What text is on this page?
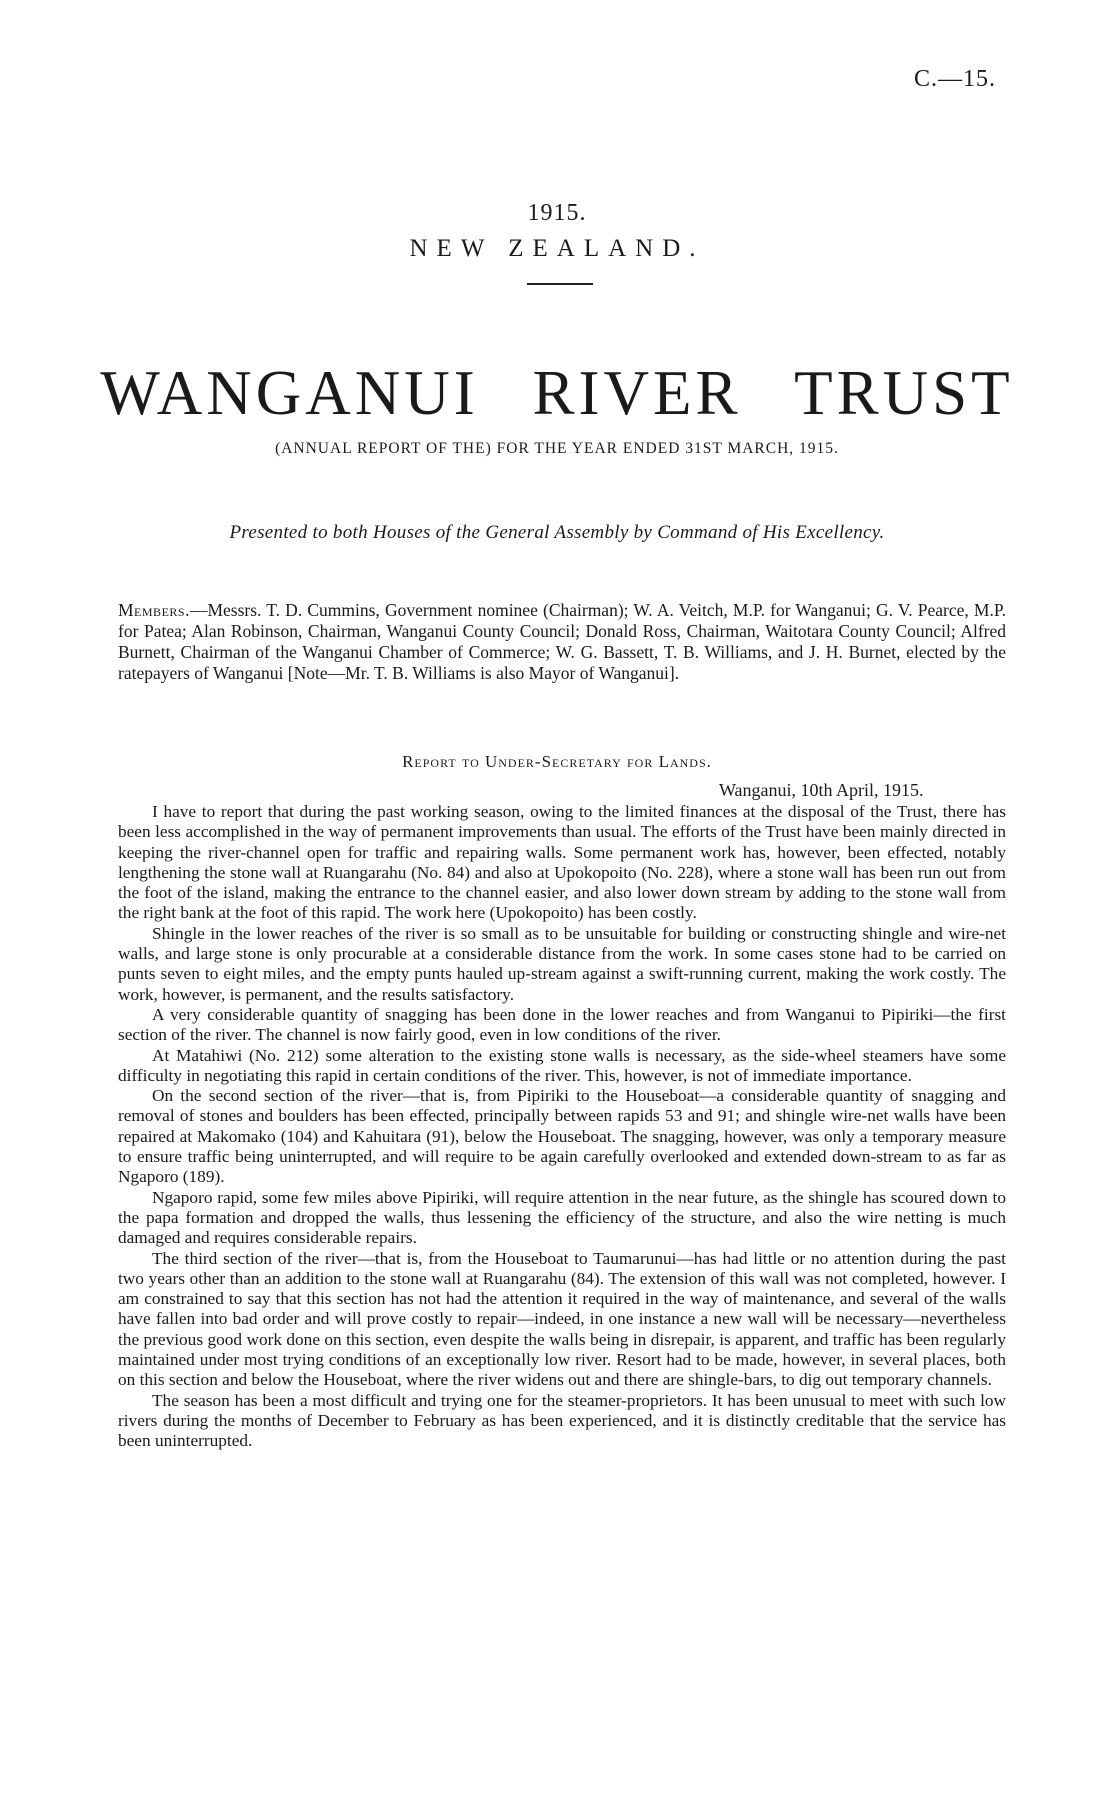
C.—15.
1915.
NEW ZEALAND.
WANGANUI RIVER TRUST
(ANNUAL REPORT OF THE) FOR THE YEAR ENDED 31ST MARCH, 1915.
Presented to both Houses of the General Assembly by Command of His Excellency.
Members.—Messrs. T. D. Cummins, Government nominee (Chairman); W. A. Veitch, M.P. for Wanganui; G. V. Pearce, M.P. for Patea; Alan Robinson, Chairman, Wanganui County Council; Donald Ross, Chairman, Waitotara County Council; Alfred Burnett, Chairman of the Wanganui Chamber of Commerce; W. G. Bassett, T. B. Williams, and J. H. Burnet, elected by the ratepayers of Wanganui [Note—Mr. T. B. Williams is also Mayor of Wanganui].
Report to Under-Secretary for Lands.
Wanganui, 10th April, 1915.

I have to report that during the past working season, owing to the limited finances at the disposal of the Trust, there has been less accomplished in the way of permanent improvements than usual. The efforts of the Trust have been mainly directed in keeping the river-channel open for traffic and repairing walls. Some permanent work has, however, been effected, notably lengthening the stone wall at Ruangarahu (No. 84) and also at Upokopoito (No. 228), where a stone wall has been run out from the foot of the island, making the entrance to the channel easier, and also lower down stream by adding to the stone wall from the right bank at the foot of this rapid. The work here (Upokopoito) has been costly.

Shingle in the lower reaches of the river is so small as to be unsuitable for building or constructing shingle and wire-net walls, and large stone is only procurable at a considerable distance from the work. In some cases stone had to be carried on punts seven to eight miles, and the empty punts hauled up-stream against a swift-running current, making the work costly. The work, however, is permanent, and the results satisfactory.

A very considerable quantity of snagging has been done in the lower reaches and from Wanganui to Pipiriki—the first section of the river. The channel is now fairly good, even in low conditions of the river.

At Matahiwi (No. 212) some alteration to the existing stone walls is necessary, as the side-wheel steamers have some difficulty in negotiating this rapid in certain conditions of the river. This, however, is not of immediate importance.

On the second section of the river—that is, from Pipiriki to the Houseboat—a considerable quantity of snagging and removal of stones and boulders has been effected, principally between rapids 53 and 91; and shingle wire-net walls have been repaired at Makomako (104) and Kahuitara (91), below the Houseboat. The snagging, however, was only a temporary measure to ensure traffic being uninterrupted, and will require to be again carefully overlooked and extended down-stream to as far as Ngaporo (189).

Ngaporo rapid, some few miles above Pipiriki, will require attention in the near future, as the shingle has scoured down to the papa formation and dropped the walls, thus lessening the efficiency of the structure, and also the wire netting is much damaged and requires considerable repairs.

The third section of the river—that is, from the Houseboat to Taumarunui—has had little or no attention during the past two years other than an addition to the stone wall at Ruangarahu (84). The extension of this wall was not completed, however. I am constrained to say that this section has not had the attention it required in the way of maintenance, and several of the walls have fallen into bad order and will prove costly to repair—indeed, in one instance a new wall will be necessary—nevertheless the previous good work done on this section, even despite the walls being in disrepair, is apparent, and traffic has been regularly maintained under most trying conditions of an exceptionally low river. Resort had to be made, however, in several places, both on this section and below the Houseboat, where the river widens out and there are shingle-bars, to dig out temporary channels.

The season has been a most difficult and trying one for the steamer-proprietors. It has been unusual to meet with such low rivers during the months of December to February as has been experienced, and it is distinctly creditable that the service has been uninterrupted.
